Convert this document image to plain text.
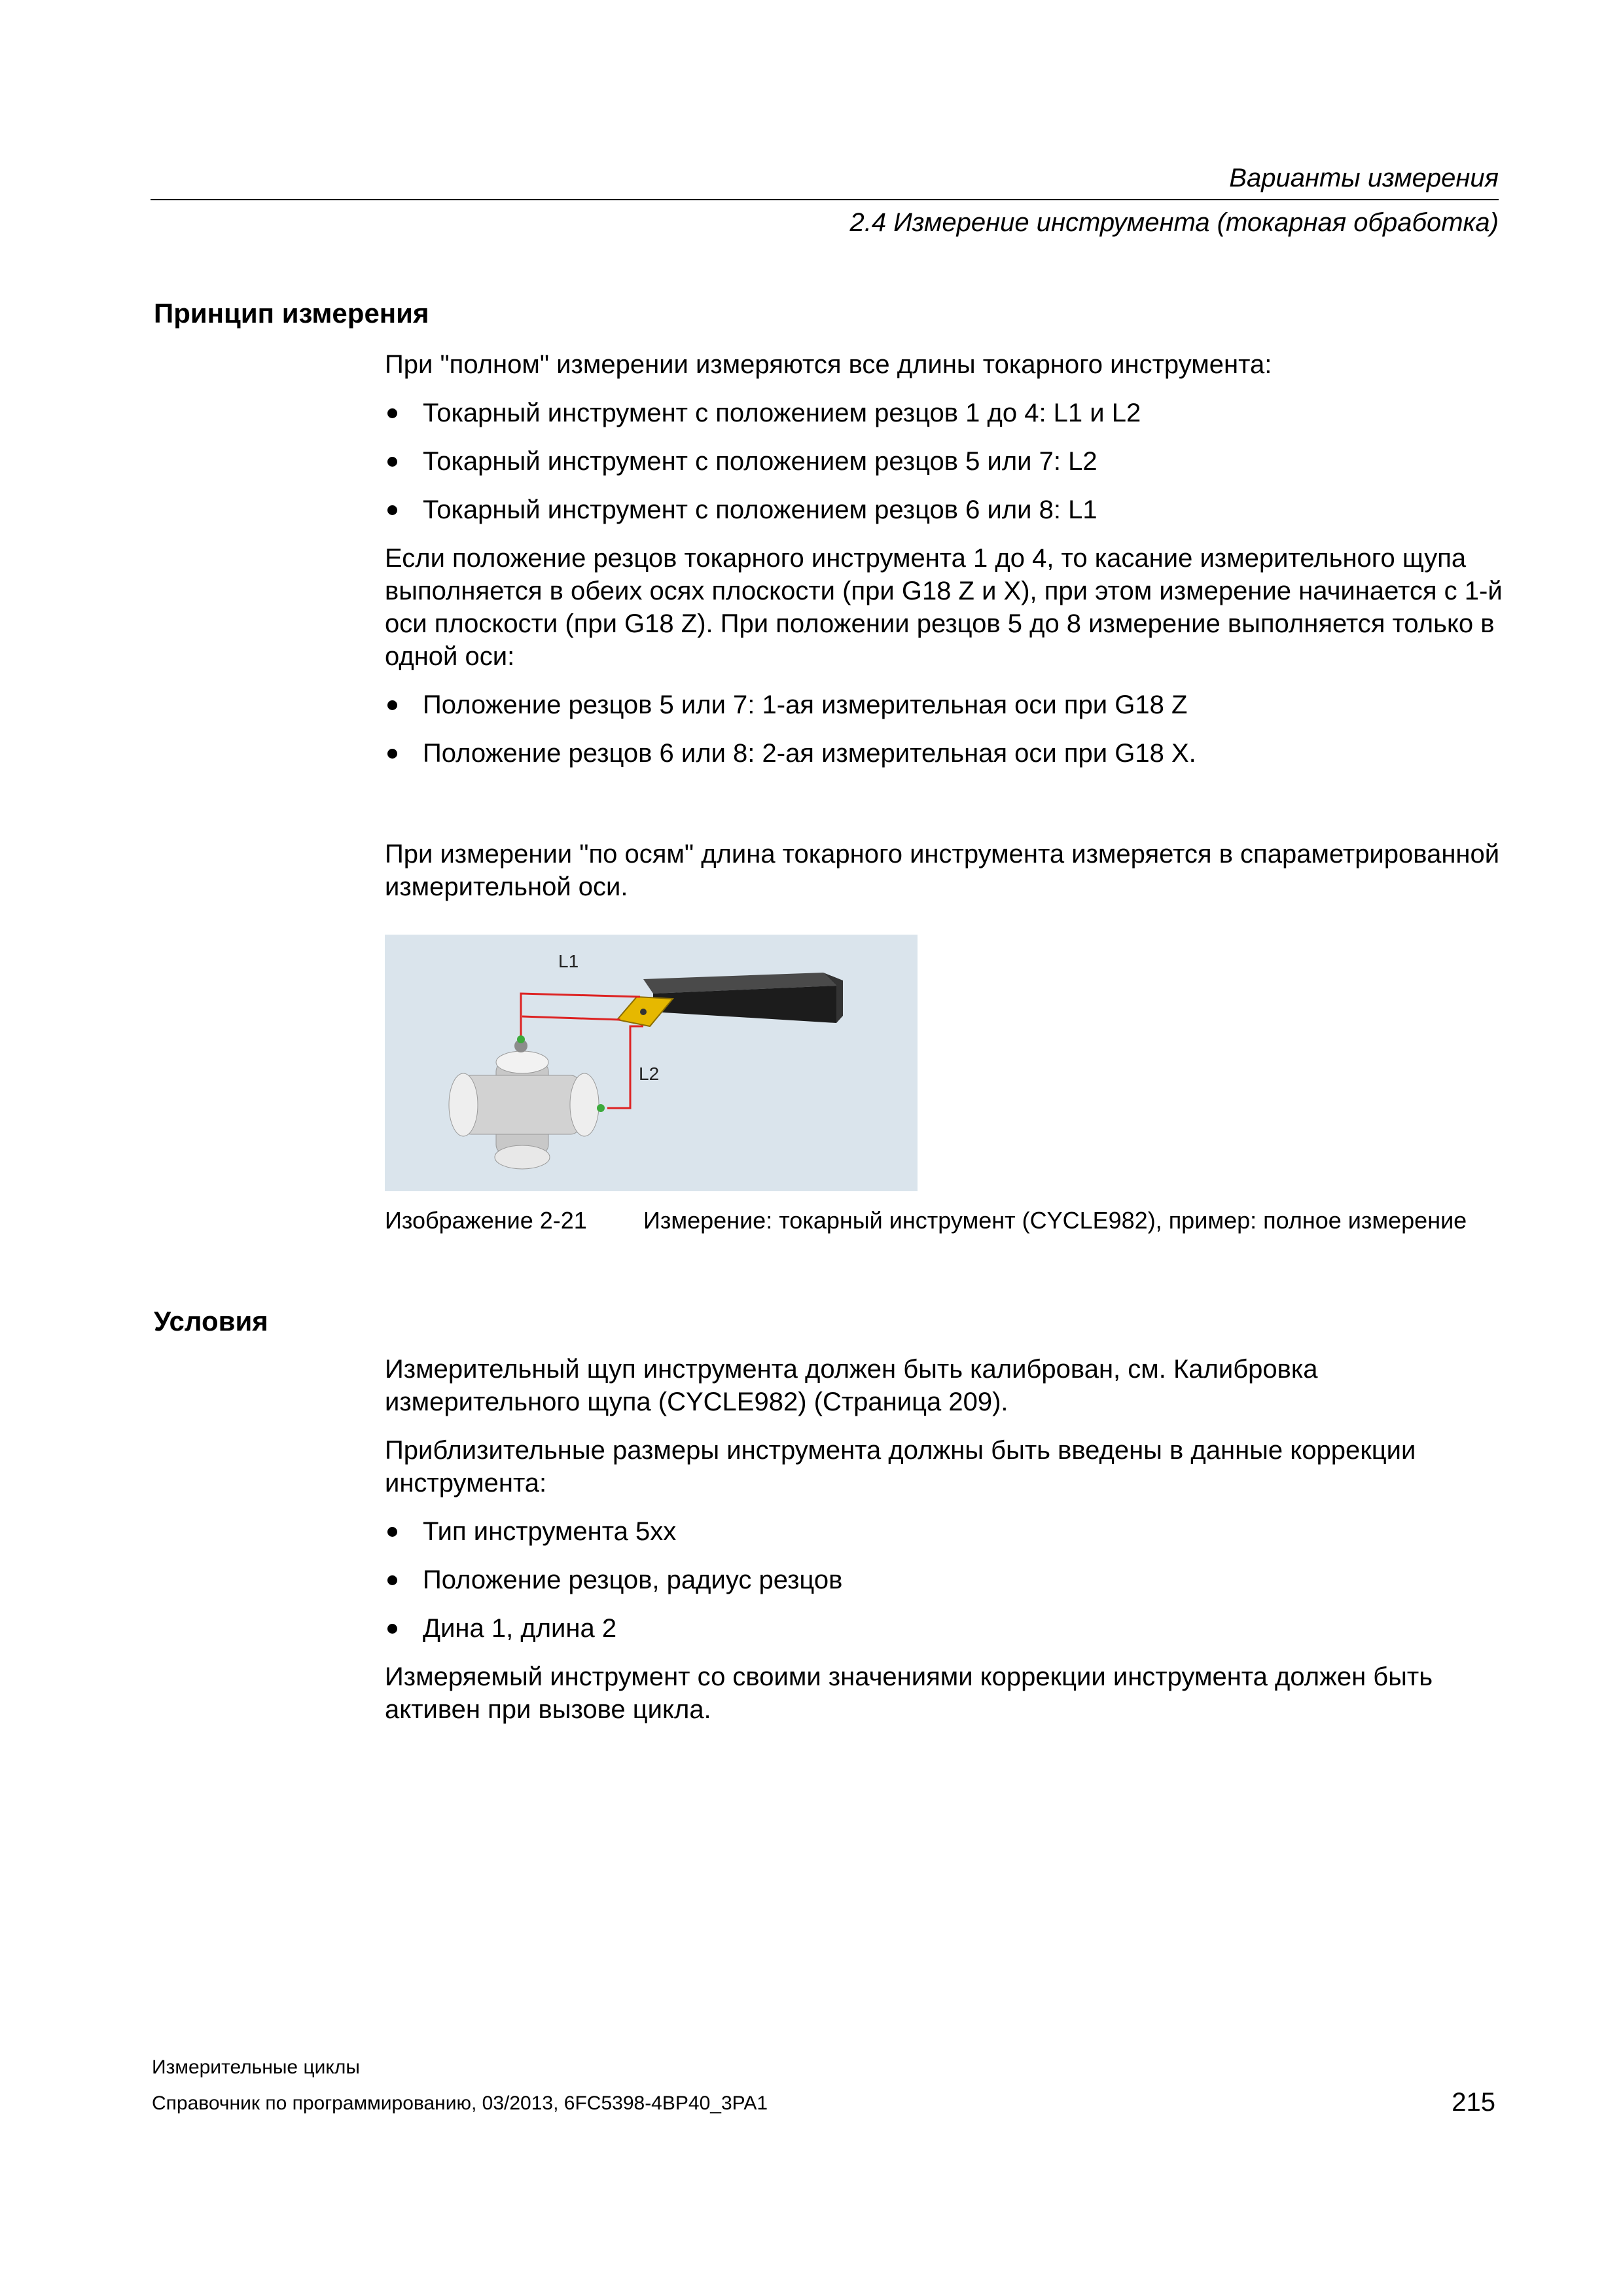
Варианты измерения
2.4 Измерение инструмента (токарная обработка)
Принцип измерения

При "полном" измерении измеряются все длины токарного инструмента:

Токарный инструмент с положением резцов 1 до 4: L1 и L2
Токарный инструмент с положением резцов 5 или 7: L2
Токарный инструмент с положением резцов 6 или 8: L1

Если положение резцов токарного инструмента 1 до 4, то касание измерительного щупа выполняется в обеих осях плоскости (при G18 Z и X), при этом измерение начинается с 1-й оси плоскости (при G18 Z). При положении резцов 5 до 8 измерение выполняется только в одной оси:

Положение резцов 5 или 7: 1-ая измерительная оси при G18 Z
Положение резцов 6 или 8: 2-ая измерительная оси при G18 X.

При измерении "по осям" длина токарного инструмента измеряется в спараметрированной измерительной оси.

L1
L2
Изображение 2-21	Измерение: токарный инструмент (CYCLE982), пример: полное измерение
Условия

Измерительный щуп инструмента должен быть калиброван, см. Калибровка измерительного щупа (CYCLE982) (Страница 209).

Приблизительные размеры инструмента должны быть введены в данные коррекции инструмента:

Тип инструмента 5xx
Положение резцов, радиус резцов
Дина 1, длина 2

Измеряемый инструмент со своими значениями коррекции инструмента должен быть активен при вызове цикла.

Измерительные циклы
Справочник по программированию, 03/2013, 6FC5398-4BP40_3PA1	215
